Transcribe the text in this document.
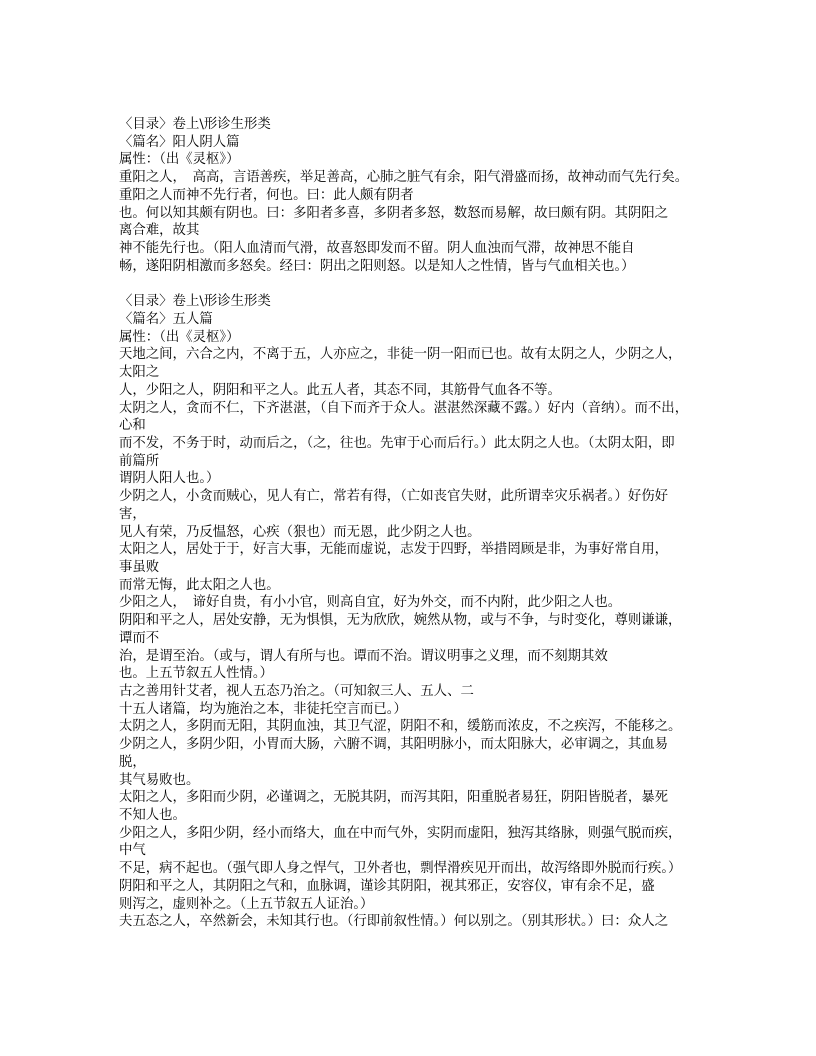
〈目录〉卷上\形诊生形类
〈篇名〉阳人阴人篇
属性：（出《灵枢》）
重阳之人，　高高，言语善疾，举足善高，心肺之脏气有余，阳气滑盛而扬，故神动而气先行矣。
重阳之人而神不先行者，何也。曰：此人颇有阴者
也。何以知其颇有阴也。曰：多阳者多喜，多阴者多怒，数怒而易解，故曰颇有阴。其阴阳之
离合难，故其
神不能先行也。（阳人血清而气滑，故喜怒即发而不留。阴人血浊而气滞，故神思不能自
畅，遂阳阴相激而多怒矣。经曰：阴出之阳则怒。以是知人之性情，皆与气血相关也。）
〈目录〉卷上\形诊生形类
〈篇名〉五人篇
属性：（出《灵枢》）
天地之间，六合之内，不离于五，人亦应之，非徒一阴一阳而已也。故有太阴之人，少阴之人，
太阳之
人，少阳之人，阴阳和平之人。此五人者，其态不同，其筋骨气血各不等。
太阴之人，贪而不仁，下齐湛湛，（自下而齐于众人。湛湛然深藏不露。）好内（音纳）。而不出，
心和
而不发，不务于时，动而后之，（之，往也。先审于心而后行。）此太阴之人也。（太阴太阳，即
前篇所
谓阴人阳人也。）
少阴之人，小贪而贼心，见人有亡，常若有得，（亡如丧官失财，此所谓幸灾乐祸者。）好伤好
害，
见人有荣，乃反愠怒，心疾（狠也）而无恩，此少阴之人也。
太阳之人，居处于于，好言大事，无能而虚说，志发于四野，举措罔顾是非，为事好常自用，
事虽败
而常无悔，此太阳之人也。
少阳之人，　谛好自贵，有小小官，则高自宜，好为外交，而不内附，此少阳之人也。
阴阳和平之人，居处安静，无为惧惧，无为欣欣，婉然从物，或与不争，与时变化，尊则谦谦，
谭而不
治，是谓至治。（或与，谓人有所与也。谭而不治。谓议明事之义理，而不刻期其效
也。上五节叙五人性情。）
古之善用针艾者，视人五态乃治之。（可知叙三人、五人、二
十五人诸篇，均为施治之本，非徒托空言而已。）
太阴之人，多阴而无阳，其阴血浊，其卫气涩，阴阳不和，缓筋而浓皮，不之疾泻，不能移之。
少阴之人，多阴少阳，小胃而大肠，六腑不调，其阳明脉小，而太阳脉大，必审调之，其血易
脱，
其气易败也。
太阳之人，多阳而少阴，必谨调之，无脱其阴，而泻其阳，阳重脱者易狂，阴阳皆脱者，暴死
不知人也。
少阳之人，多阳少阴，经小而络大，血在中而气外，实阴而虚阳，独泻其络脉，则强气脱而疾，
中气
不足，病不起也。（强气即人身之悍气，卫外者也，剽悍滑疾见开而出，故泻络即外脱而行疾。）
阴阳和平之人，其阴阳之气和，血脉调，谨诊其阴阳，视其邪正，安容仪，审有余不足，盛
则泻之，虚则补之。（上五节叙五人证治。）
夫五态之人，卒然新会，未知其行也。（行即前叙性情。）何以别之。（别其形状。）曰：众人之
